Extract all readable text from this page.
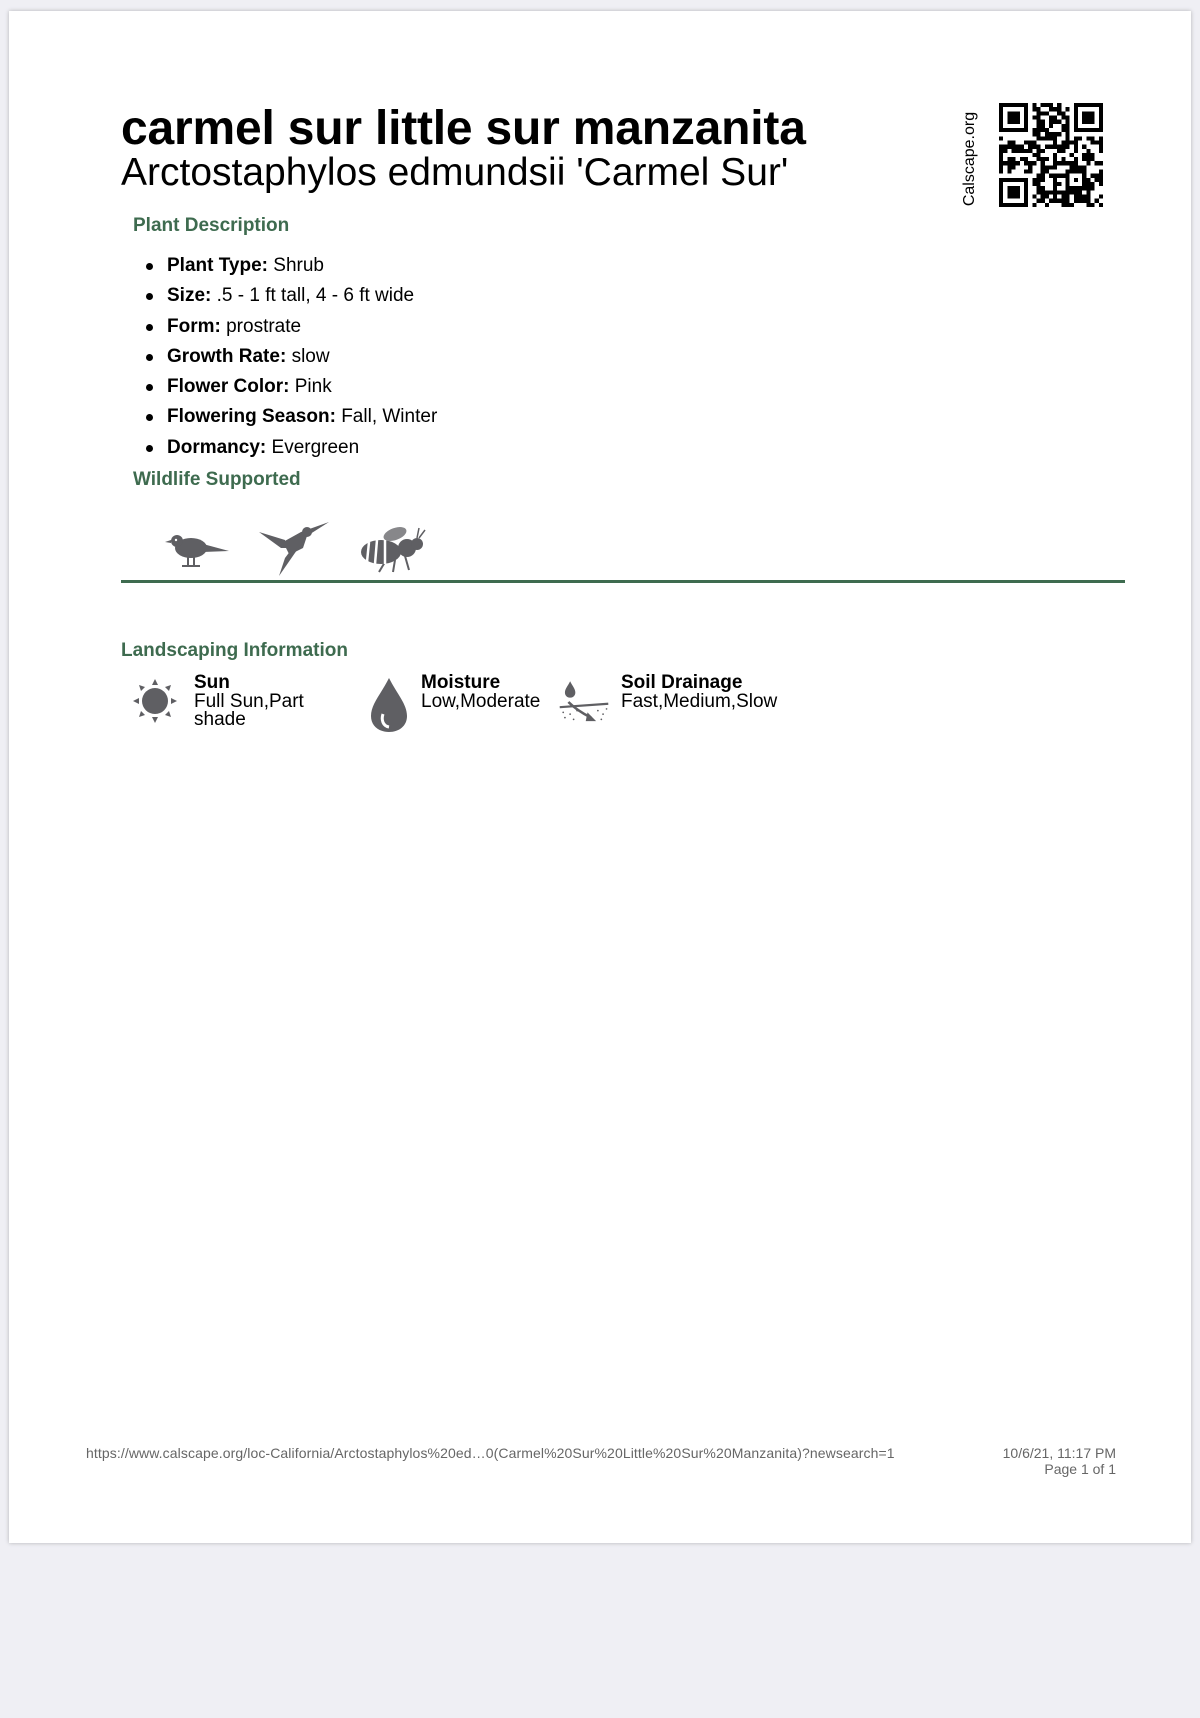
carmel sur little sur manzanita
Arctostaphylos edmundsii 'Carmel Sur'	Calscape.org
Plant Description
Plant Type: Shrub
Size: .5 - 1 ft tall, 4 - 6 ft wide
Form: prostrate
Growth Rate: slow
Flower Color: Pink
Flowering Season: Fall, Winter
Dormancy: Evergreen
Wildlife Supported
Landscaping Information
Sun
Full Sun,Part shade
Moisture
Low,Moderate
Soil Drainage
Fast,Medium,Slow
https://www.calscape.org/loc-California/Arctostaphylos%20ed…0(Carmel%20Sur%20Little%20Sur%20Manzanita)?newsearch=1	10/6/21, 11:17 PM
Page 1 of 1
